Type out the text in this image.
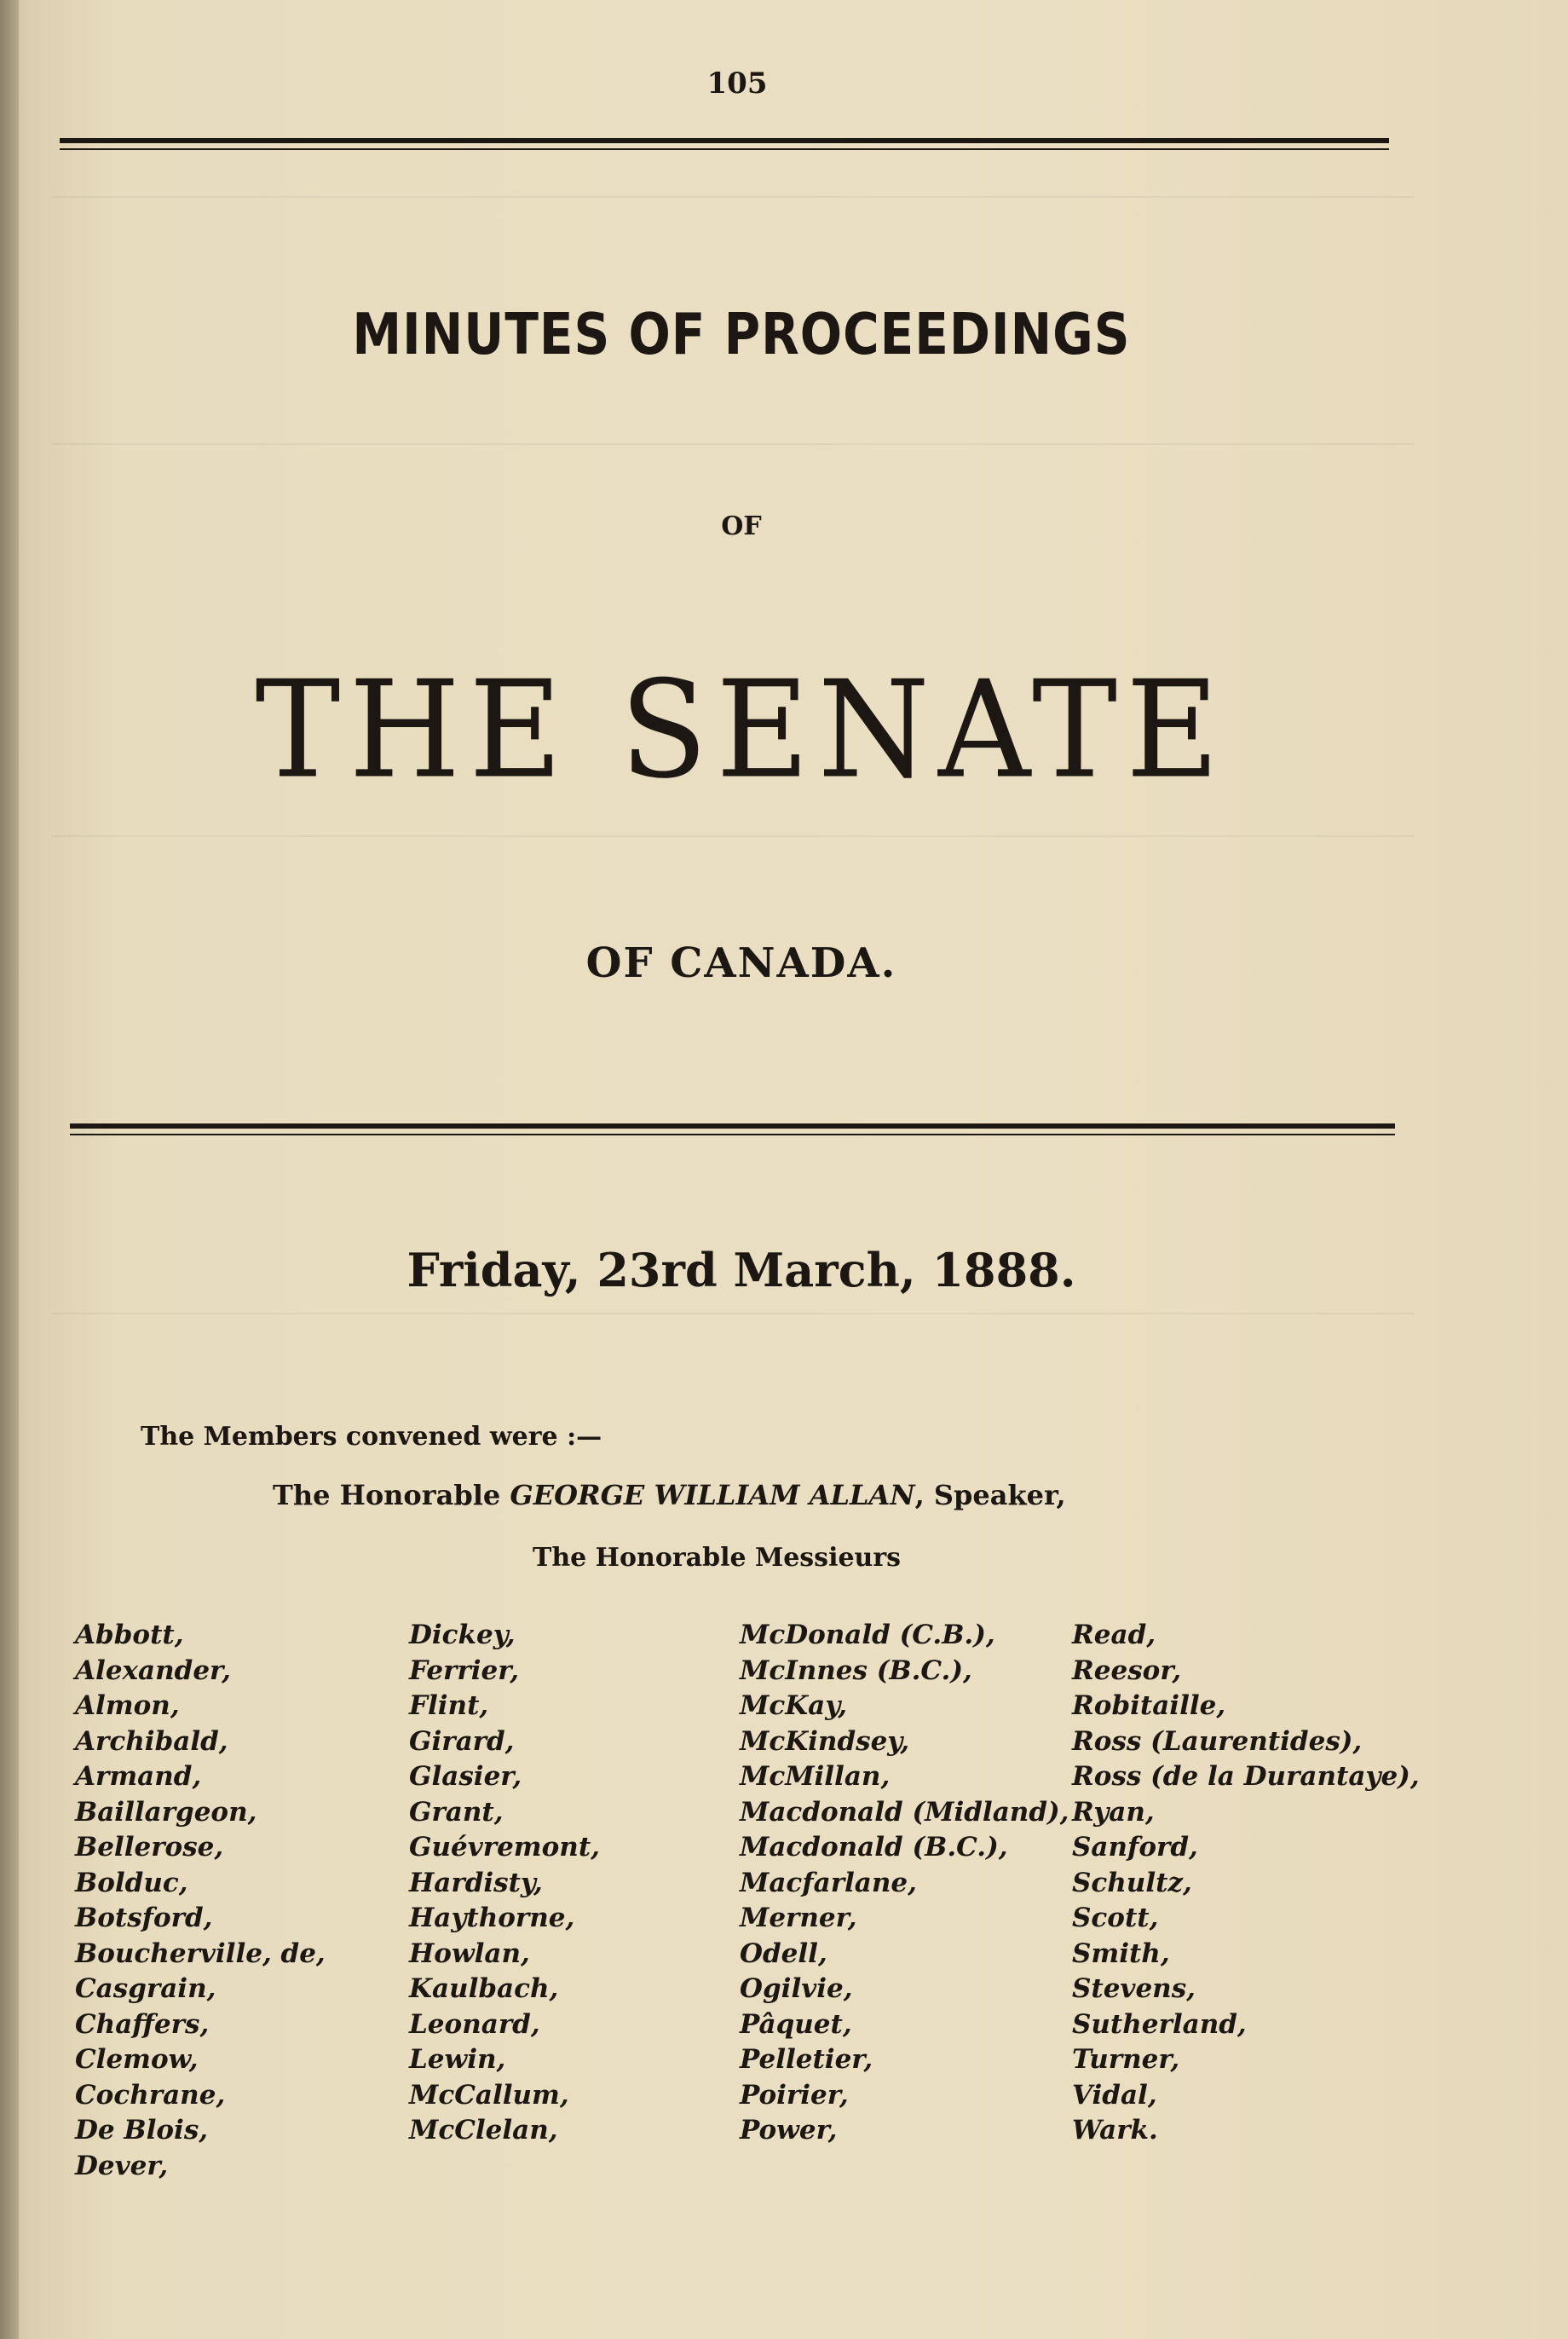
105
MINUTES OF PROCEEDINGS
OF
THE SENATE
OF CANADA.
Friday, 23rd March, 1888.
The Members convened were :—
The Honorable GEORGE WILLIAM ALLAN, Speaker,
The Honorable Messieurs
Abbott,
Alexander,
Almon,
Archibald,
Armand,
Baillargeon,
Bellerose,
Bolduc,
Botsford,
Boucherville, de,
Casgrain,
Chaffers,
Clemow,
Cochrane,
De Blois,
Dever,
Dickey,
Ferrier,
Flint,
Girard,
Glasier,
Grant,
Guévremont,
Hardisty,
Haythorne,
Howlan,
Kaulbach,
Leonard,
Lewin,
McCallum,
McClelan,
McDonald (C.B.),
McInnes (B.C.),
McKay,
McKindsey,
McMillan,
Macdonald (Midland),
Macdonald (B.C.),
Macfarlane,
Merner,
Odell,
Ogilvie,
Pâquet,
Pelletier,
Poirier,
Power,
Read,
Reesor,
Robitaille,
Ross (Laurentides),
Ross (de la Durantaye),
Ryan,
Sanford,
Schultz,
Scott,
Smith,
Stevens,
Sutherland,
Turner,
Vidal,
Wark.
